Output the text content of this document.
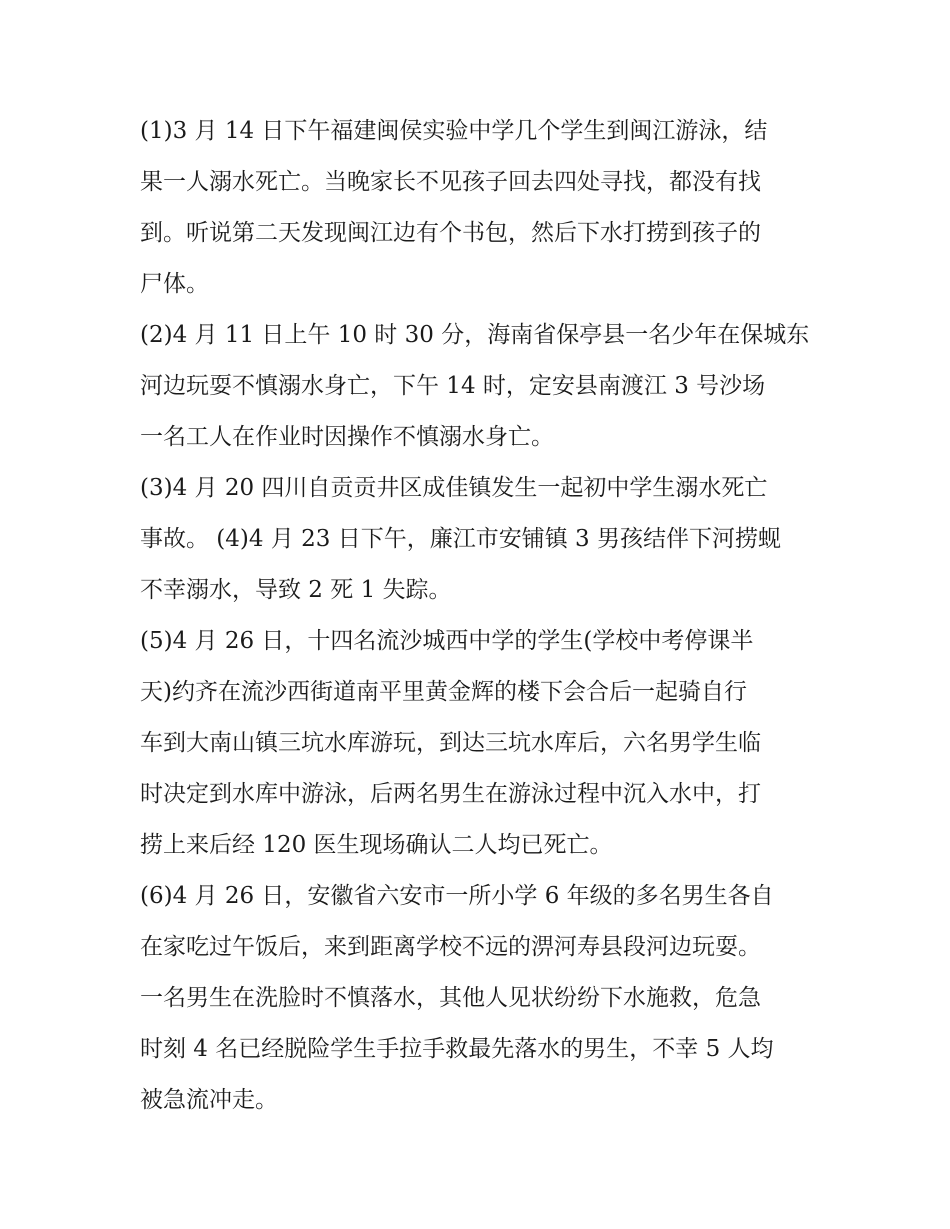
(1)3 月 14 日下午福建闽侯实验中学几个学生到闽江游泳，结
果一人溺水死亡。当晚家长不见孩子回去四处寻找，都没有找
到。听说第二天发现闽江边有个书包，然后下水打捞到孩子的
尸体。
(2)4 月 11 日上午 10 时 30 分，海南省保亭县一名少年在保城东
河边玩耍不慎溺水身亡，下午 14 时，定安县南渡江 3 号沙场
一名工人在作业时因操作不慎溺水身亡。
(3)4 月 20 四川自贡贡井区成佳镇发生一起初中学生溺水死亡
事故。 (4)4 月 23 日下午，廉江市安铺镇 3 男孩结伴下河捞蚬
不幸溺水，导致 2 死 1 失踪。
(5)4 月 26 日，十四名流沙城西中学的学生(学校中考停课半
天)约齐在流沙西街道南平里黄金辉的楼下会合后一起骑自行
车到大南山镇三坑水库游玩，到达三坑水库后，六名男学生临
时决定到水库中游泳，后两名男生在游泳过程中沉入水中，打
捞上来后经 120 医生现场确认二人均已死亡。
(6)4 月 26 日，安徽省六安市一所小学 6 年级的多名男生各自
在家吃过午饭后，来到距离学校不远的淠河寿县段河边玩耍。
一名男生在洗脸时不慎落水，其他人见状纷纷下水施救，危急
时刻 4 名已经脱险学生手拉手救最先落水的男生，不幸 5 人均
被急流冲走。
